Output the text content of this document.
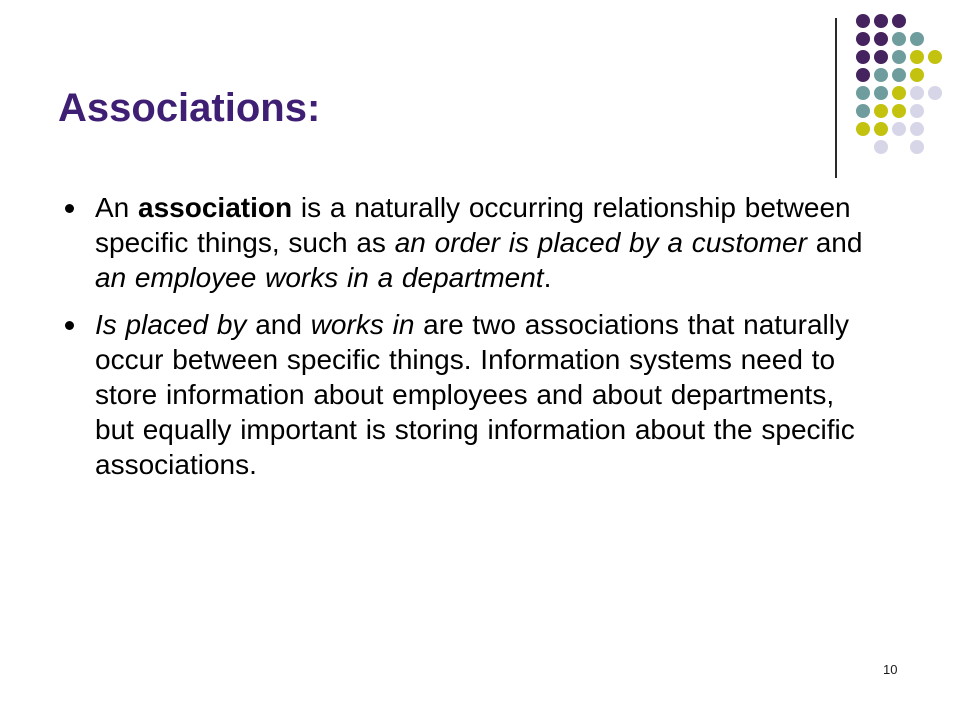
Associations:
An association is a naturally occurring relationship between specific things, such as an order is placed by a customer and an employee works in a department.
Is placed by and works in are two associations that naturally occur between specific things. Information systems need to store information about employees and about departments, but equally important is storing information about the specific associations.
10
